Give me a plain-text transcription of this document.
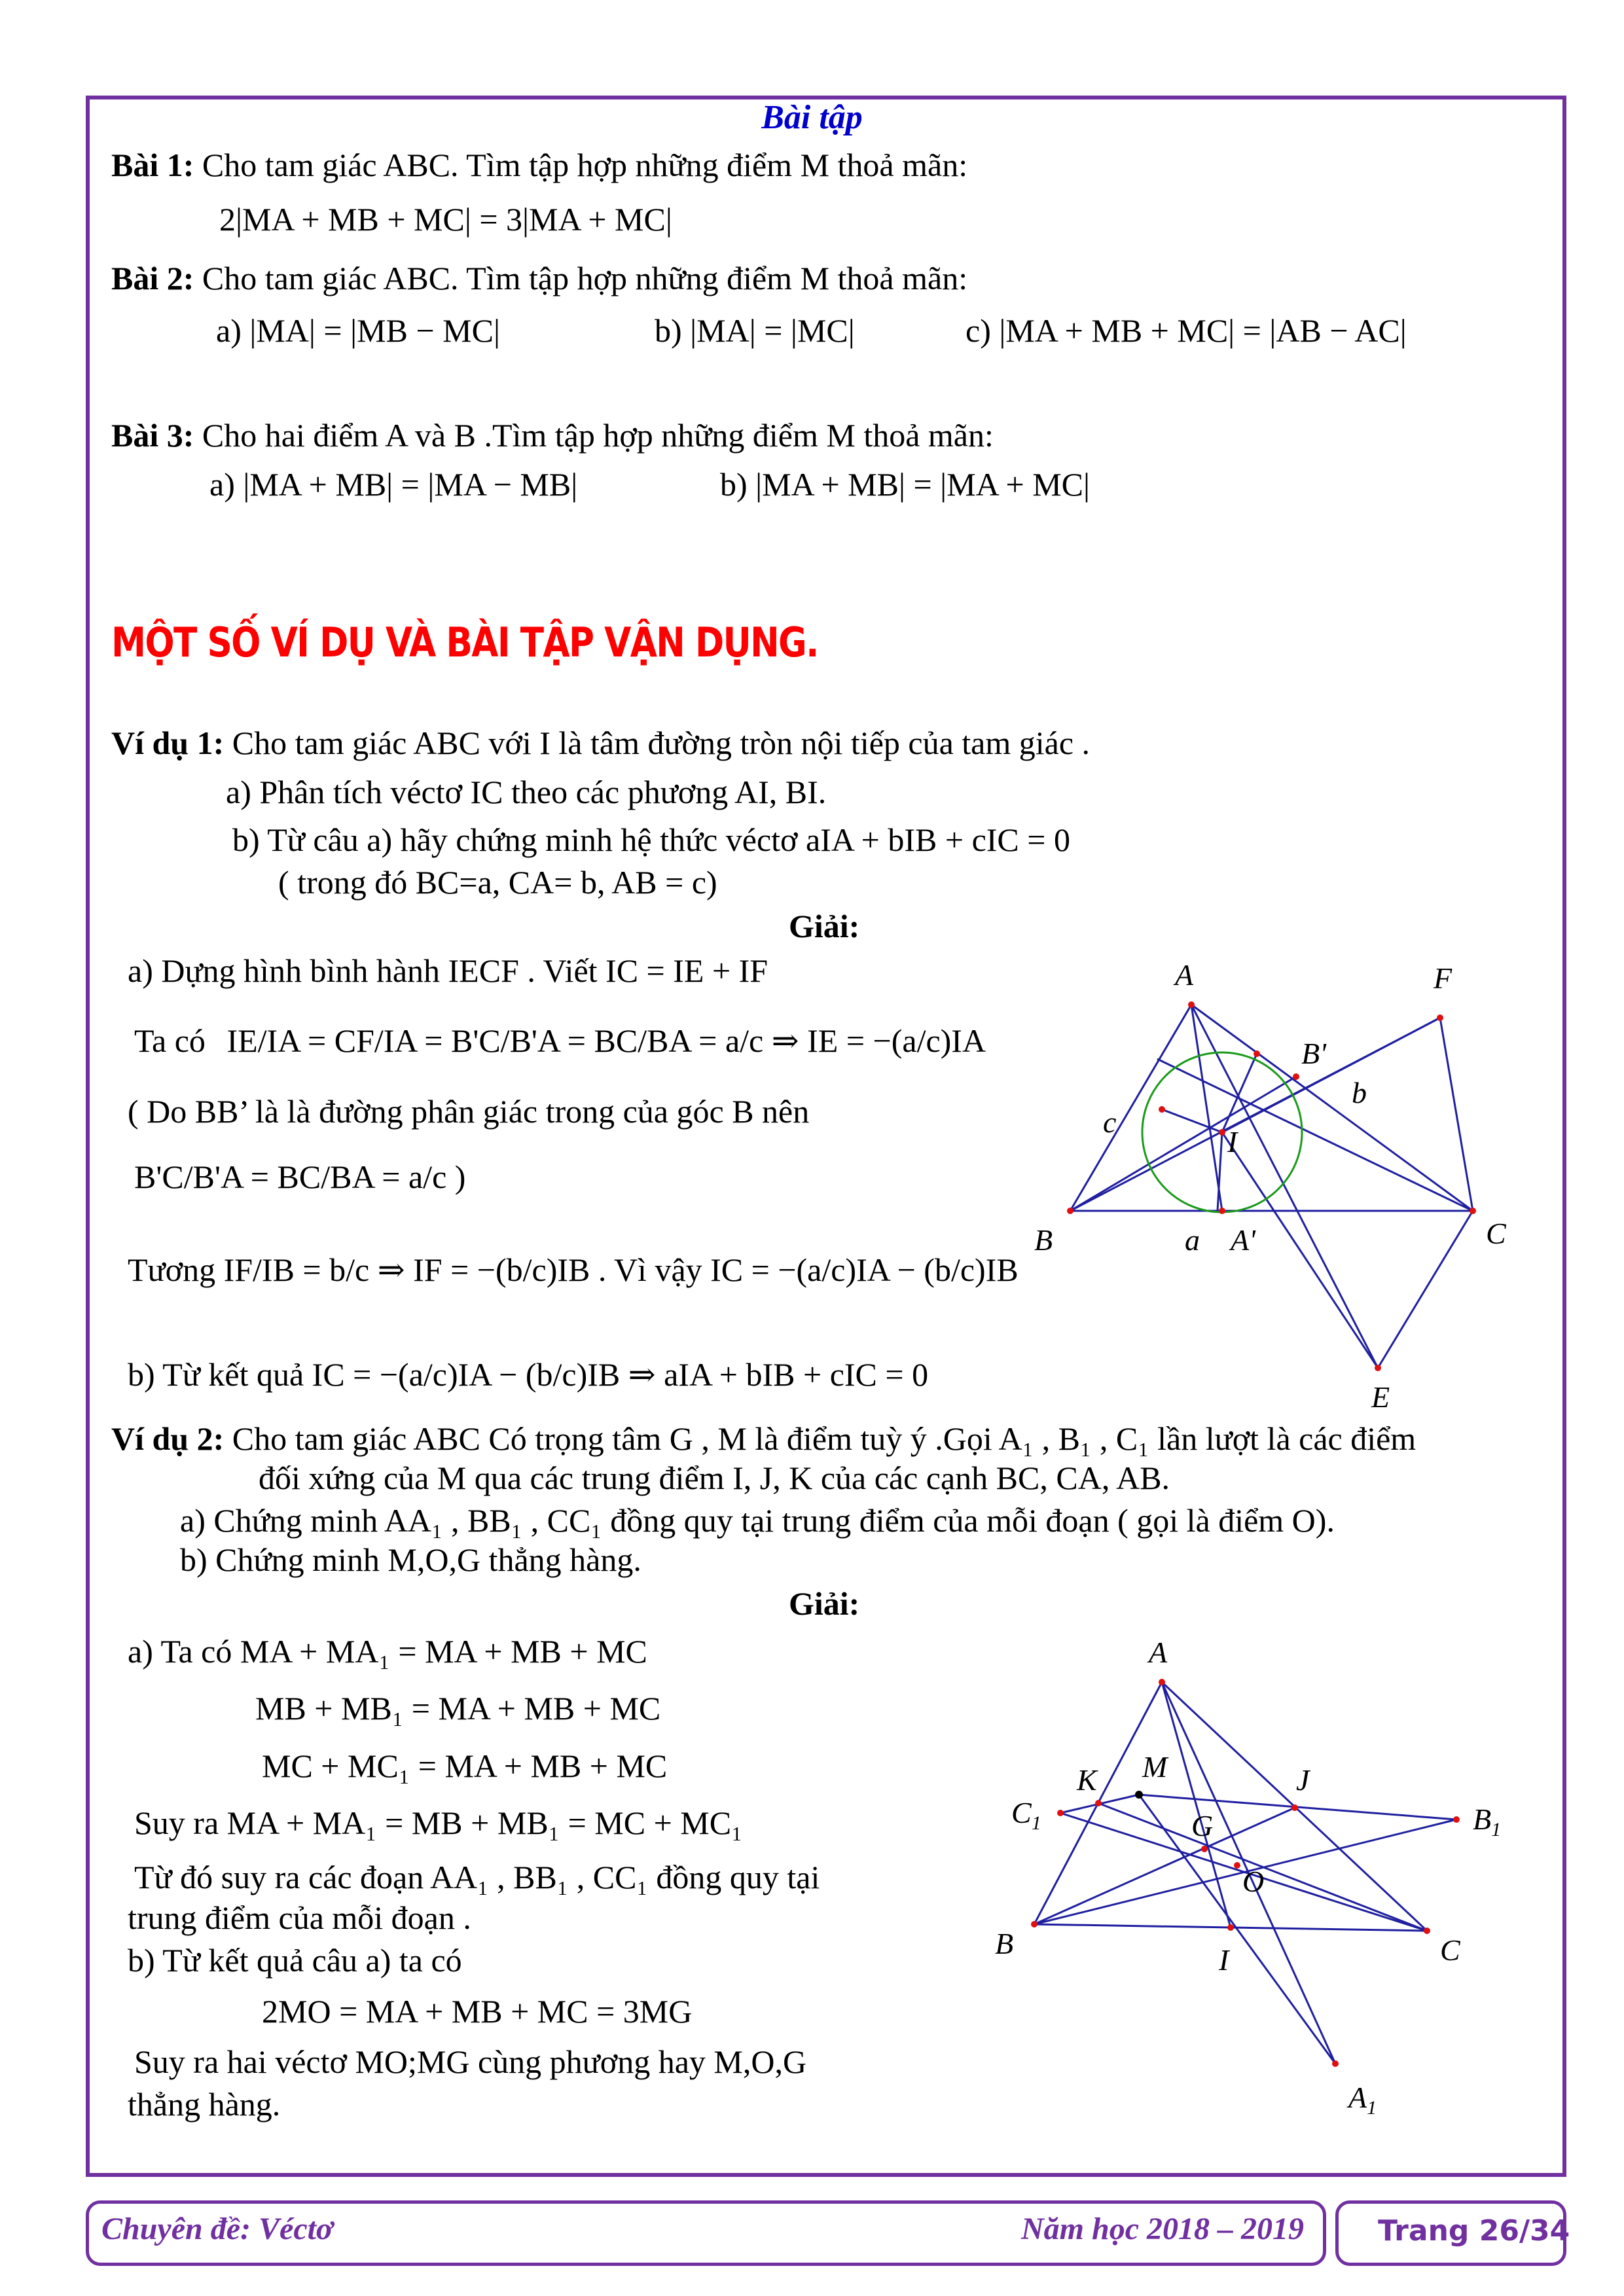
Bài tập
Bài 1: Cho tam giác ABC. Tìm tập hợp những điểm M thoả mãn:
2|MA + MB + MC| = 3|MA + MC|
Bài 2: Cho tam giác ABC. Tìm tập hợp những điểm M thoả mãn:
a) |MA| = |MB − MC|	b) |MA| = |MC|	c) |MA + MB + MC| = |AB − AC|
Bài 3: Cho hai điểm A và B .Tìm tập hợp những điểm M thoả mãn:
a) |MA + MB| = |MA − MB|	b) |MA + MB| = |MA + MC|
MỘT SỐ VÍ DỤ VÀ BÀI TẬP VẬN DỤNG.
Ví dụ 1: Cho tam giác ABC với I là tâm đường tròn nội tiếp của tam giác .
a) Phân tích véctơ IC theo các phương AI, BI.
b) Từ câu a) hãy chứng minh hệ thức véctơ aIA + bIB + cIC = 0
( trong đó BC=a, CA= b, AB = c)
Giải:
a) Dựng hình bình hành IECF . Viết IC = IE + IF
Ta có IE/IA = CF/IA = B'C/B'A = BC/BA = a/c ⇒ IE = −(a/c)IA
( Do BB’ là là đường phân giác trong của góc B nên
B'C/B'A = BC/BA = a/c )
Tương IF/IB = b/c ⇒ IF = −(b/c)IB . Vì vậy IC = −(a/c)IA − (b/c)IB
b) Từ kết quả IC = −(a/c)IA − (b/c)IB ⇒ aIA + bIB + cIC = 0
A
B	C
F
E
I
B'
A'
a
b
c
Ví dụ 2: Cho tam giác ABC Có trọng tâm G , M là điểm tuỳ ý .Gọi A₁ , B₁ , C₁ lần lượt là các điểm
đối xứng của M qua các trung điểm I, J, K của các cạnh BC, CA, AB.
a) Chứng minh AA₁ , BB₁ , CC₁ đồng quy tại trung điểm của mỗi đoạn ( gọi là điểm O).
b) Chứng minh M,O,G thẳng hàng.
Giải:
a) Ta có MA + MA₁ = MA + MB + MC
MB + MB₁ = MA + MB + MC
MC + MC₁ = MA + MB + MC
Suy ra MA + MA₁ = MB + MB₁ = MC + MC₁
Từ đó suy ra các đoạn AA₁ , BB₁ , CC₁ đồng quy tại
trung điểm của mỗi đoạn .
b) Từ kết quả câu a) ta có
2MO = MA + MB + MC = 3MG
Suy ra hai véctơ MO;MG cùng phương hay M,O,G
thẳng hàng.
A
B	C
K M	J
G
O
I
$C_1$	$B_1$
$A_1$
Chuyên đề: Véctơ	Năm học 2018 – 2019	Trang 26/34
